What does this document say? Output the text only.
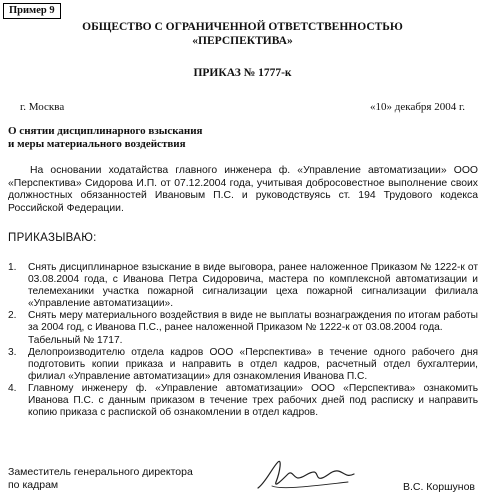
Пример 9
ОБЩЕСТВО С ОГРАНИЧЕННОЙ ОТВЕТСТВЕННОСТЬЮ
«ПЕРСПЕКТИВА»
ПРИКАЗ № 1777-к
г. Москва	«10» декабря 2004 г.
О снятии дисциплинарного взыскания
и меры материального воздействия
На основании ходатайства главного инженера ф. «Управление автоматизации» ООО «Перспектива» Сидорова И.П. от 07.12.2004 года, учитывая добросовестное выполнение своих должностных обязанностей Ивановым П.С. и руководствуясь ст. 194 Трудового кодекса Российской Федерации.
ПРИКАЗЫВАЮ:
1. Снять дисциплинарное взыскание в виде выговора, ранее наложенное Приказом № 1222-к от 03.08.2004 года, с Иванова Петра Сидоровича, мастера по комплексной автоматизации и телемеханики участка пожарной сигнализации цеха пожарной сигнализации филиала «Управление автоматизации».
2. Снять меру материального воздействия в виде не выплаты вознаграждения по итогам работы за 2004 год, с Иванова П.С., ранее наложенной Приказом № 1222-к от 03.08.2004 года.
Табельный № 1717.
3. Делопроизводителю отдела кадров ООО «Перспектива» в течение одного рабочего дня подготовить копии приказа и направить в отдел кадров, расчетный отдел бухгалтерии, филиал «Управление автоматизации» для ознакомления Иванова П.С.
4. Главному инженеру ф. «Управление автоматизации» ООО «Перспектива» ознакомить Иванова П.С. с данным приказом в течение трех рабочих дней под расписку и направить копию приказа с распиской об ознакомлении в отдел кадров.
Заместитель генерального директора
по кадрам	В.С. Коршунов
